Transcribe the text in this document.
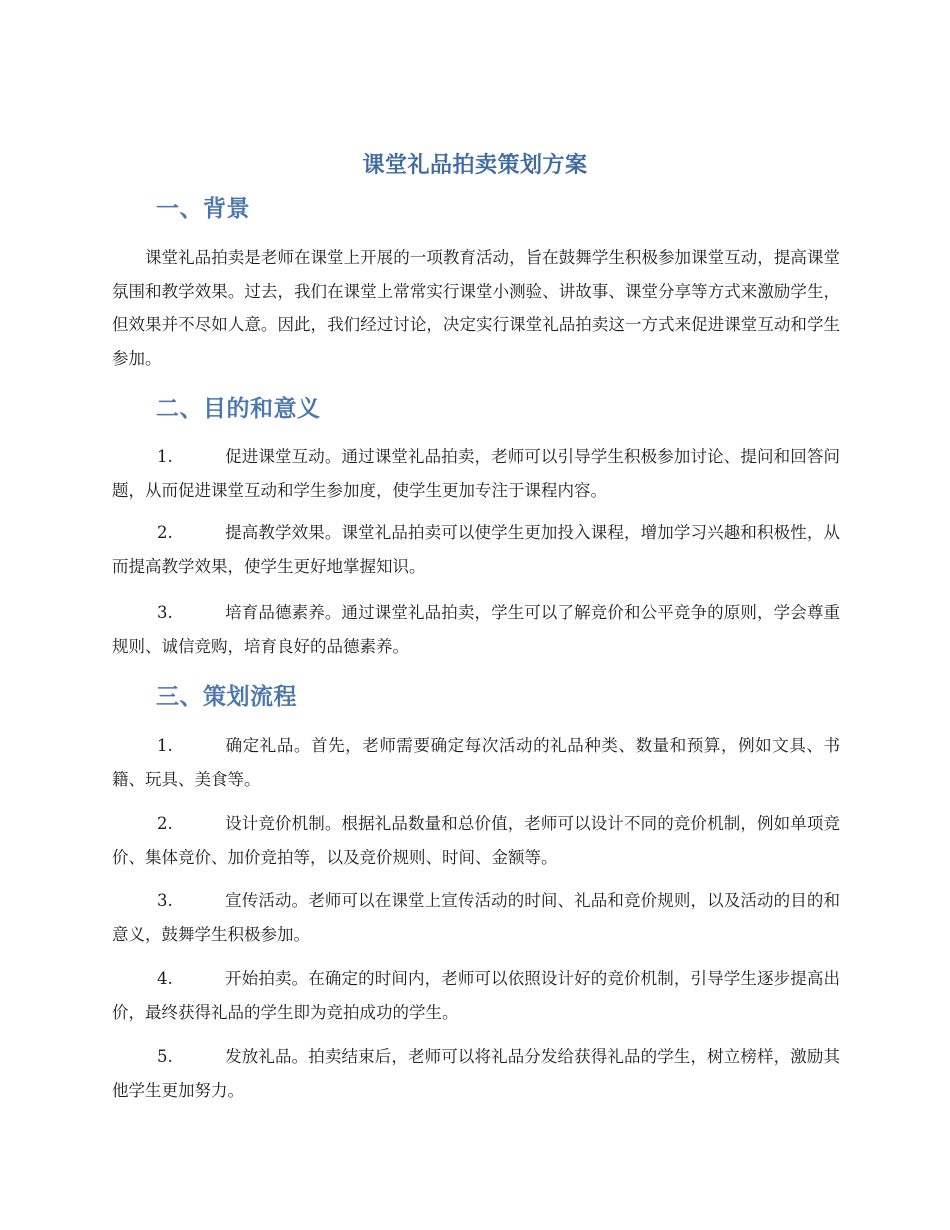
课堂礼品拍卖策划方案
一、背景
课堂礼品拍卖是老师在课堂上开展的一项教育活动，旨在鼓舞学生积极参加课堂互动，提高课堂氛围和教学效果。过去，我们在课堂上常常实行课堂小测验、讲故事、课堂分享等方式来激励学生，但效果并不尽如人意。因此，我们经过讨论，决定实行课堂礼品拍卖这一方式来促进课堂互动和学生参加。
二、目的和意义
1.	促进课堂互动。通过课堂礼品拍卖，老师可以引导学生积极参加讨论、提问和回答问题，从而促进课堂互动和学生参加度，使学生更加专注于课程内容。
2.	提高教学效果。课堂礼品拍卖可以使学生更加投入课程，增加学习兴趣和积极性，从而提高教学效果，使学生更好地掌握知识。
3.	培育品德素养。通过课堂礼品拍卖，学生可以了解竞价和公平竞争的原则，学会尊重规则、诚信竞购，培育良好的品德素养。
三、策划流程
1.	确定礼品。首先，老师需要确定每次活动的礼品种类、数量和预算，例如文具、书籍、玩具、美食等。
2.	设计竞价机制。根据礼品数量和总价值，老师可以设计不同的竞价机制，例如单项竞价、集体竞价、加价竞拍等，以及竞价规则、时间、金额等。
3.	宣传活动。老师可以在课堂上宣传活动的时间、礼品和竞价规则，以及活动的目的和意义，鼓舞学生积极参加。
4.	开始拍卖。在确定的时间内，老师可以依照设计好的竞价机制，引导学生逐步提高出价，最终获得礼品的学生即为竞拍成功的学生。
5.	发放礼品。拍卖结束后，老师可以将礼品分发给获得礼品的学生，树立榜样，激励其他学生更加努力。
